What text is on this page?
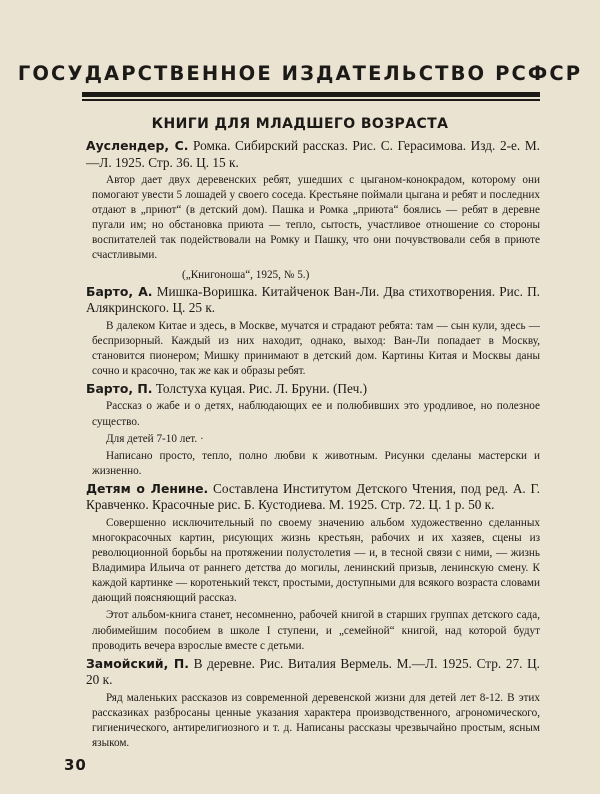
ГОСУДАРСТВЕННОЕ ИЗДАТЕЛЬСТВО РСФСР
КНИГИ ДЛЯ МЛАДШЕГО ВОЗРАСТА

Ауслендер, С. Ромка. Сибирский рассказ. Рис. С. Герасимова. Изд. 2-е. М.—Л. 1925. Стр. 36. Ц. 15 к.

Автор дает двух деревенских ребят, ушедших с цыганом-конокрадом, которому они помогают увести 5 лошадей у своего соседа. Крестьяне поймали цыгана и ребят и последних отдают в „приют“ (в детский дом). Пашка и Ромка „приюта“ боялись — ребят в деревне пугали им; но обстановка приюта — тепло, сытость, участливое отношение со стороны воспитателей так подействовали на Ромку и Пашку, что они почувствовали себя в приюте счастливыми.

(„Книгоноша“, 1925, № 5.)

Барто, А. Мишка-Воришка. Китайченок Ван-Ли. Два стихотворения. Рис. П. Алякринского. Ц. 25 к.

В далеком Китае и здесь, в Москве, мучатся и страдают ребята: там — сын кули, здесь — беспризорный. Каждый из них находит, однако, выход: Ван-Ли попадает в Москву, становится пионером; Мишку принимают в детский дом. Картины Китая и Москвы даны сочно и красочно, так же как и образы ребят.

Барто, П. Толстуха куцая. Рис. Л. Бруни. (Печ.)

Рассказ о жабе и о детях, наблюдающих ее и полюбивших это уродливое, но полезное существо.

Для детей 7-10 лет. ·

Написано просто, тепло, полно любви к животным. Рисунки сделаны мастерски и жизненно.

Детям о Ленине. Составлена Институтом Детского Чтения, под ред. А. Г. Кравченко. Красочные рис. Б. Кустодиева. М. 1925. Стр. 72. Ц. 1 р. 50 к.

Совершенно исключительный по своему значению альбом художественно сделанных многокрасочных картин, рисующих жизнь крестьян, рабочих и их хазяев, сцены из революционной борьбы на протяжении полустолетия — и, в тесной связи с ними, — жизнь Владимира Ильича от раннего детства до могилы, ленинский призыв, ленинскую смену. К каждой картинке — коротенький текст, простыми, доступными для всякого возраста словами дающий поясняющий рассказ.

Этот альбом-книга станет, несомненно, рабочей книгой в старших группах детского сада, любимейшим пособием в школе I ступени, и „семейной“ книгой, над которой будут проводить вечера взрослые вместе с детьми.

Замойский, П. В деревне. Рис. Виталия Вермель. М.—Л. 1925. Стр. 27. Ц. 20 к.

Ряд маленьких рассказов из современной деревенской жизни для детей лет 8-12. В этих рассказиках разбросаны ценные указания характера производственного, агрономического, гигиенического, антирелигиозного и т. д. Написаны рассказы чрезвычайно простым, ясным языком.

30
